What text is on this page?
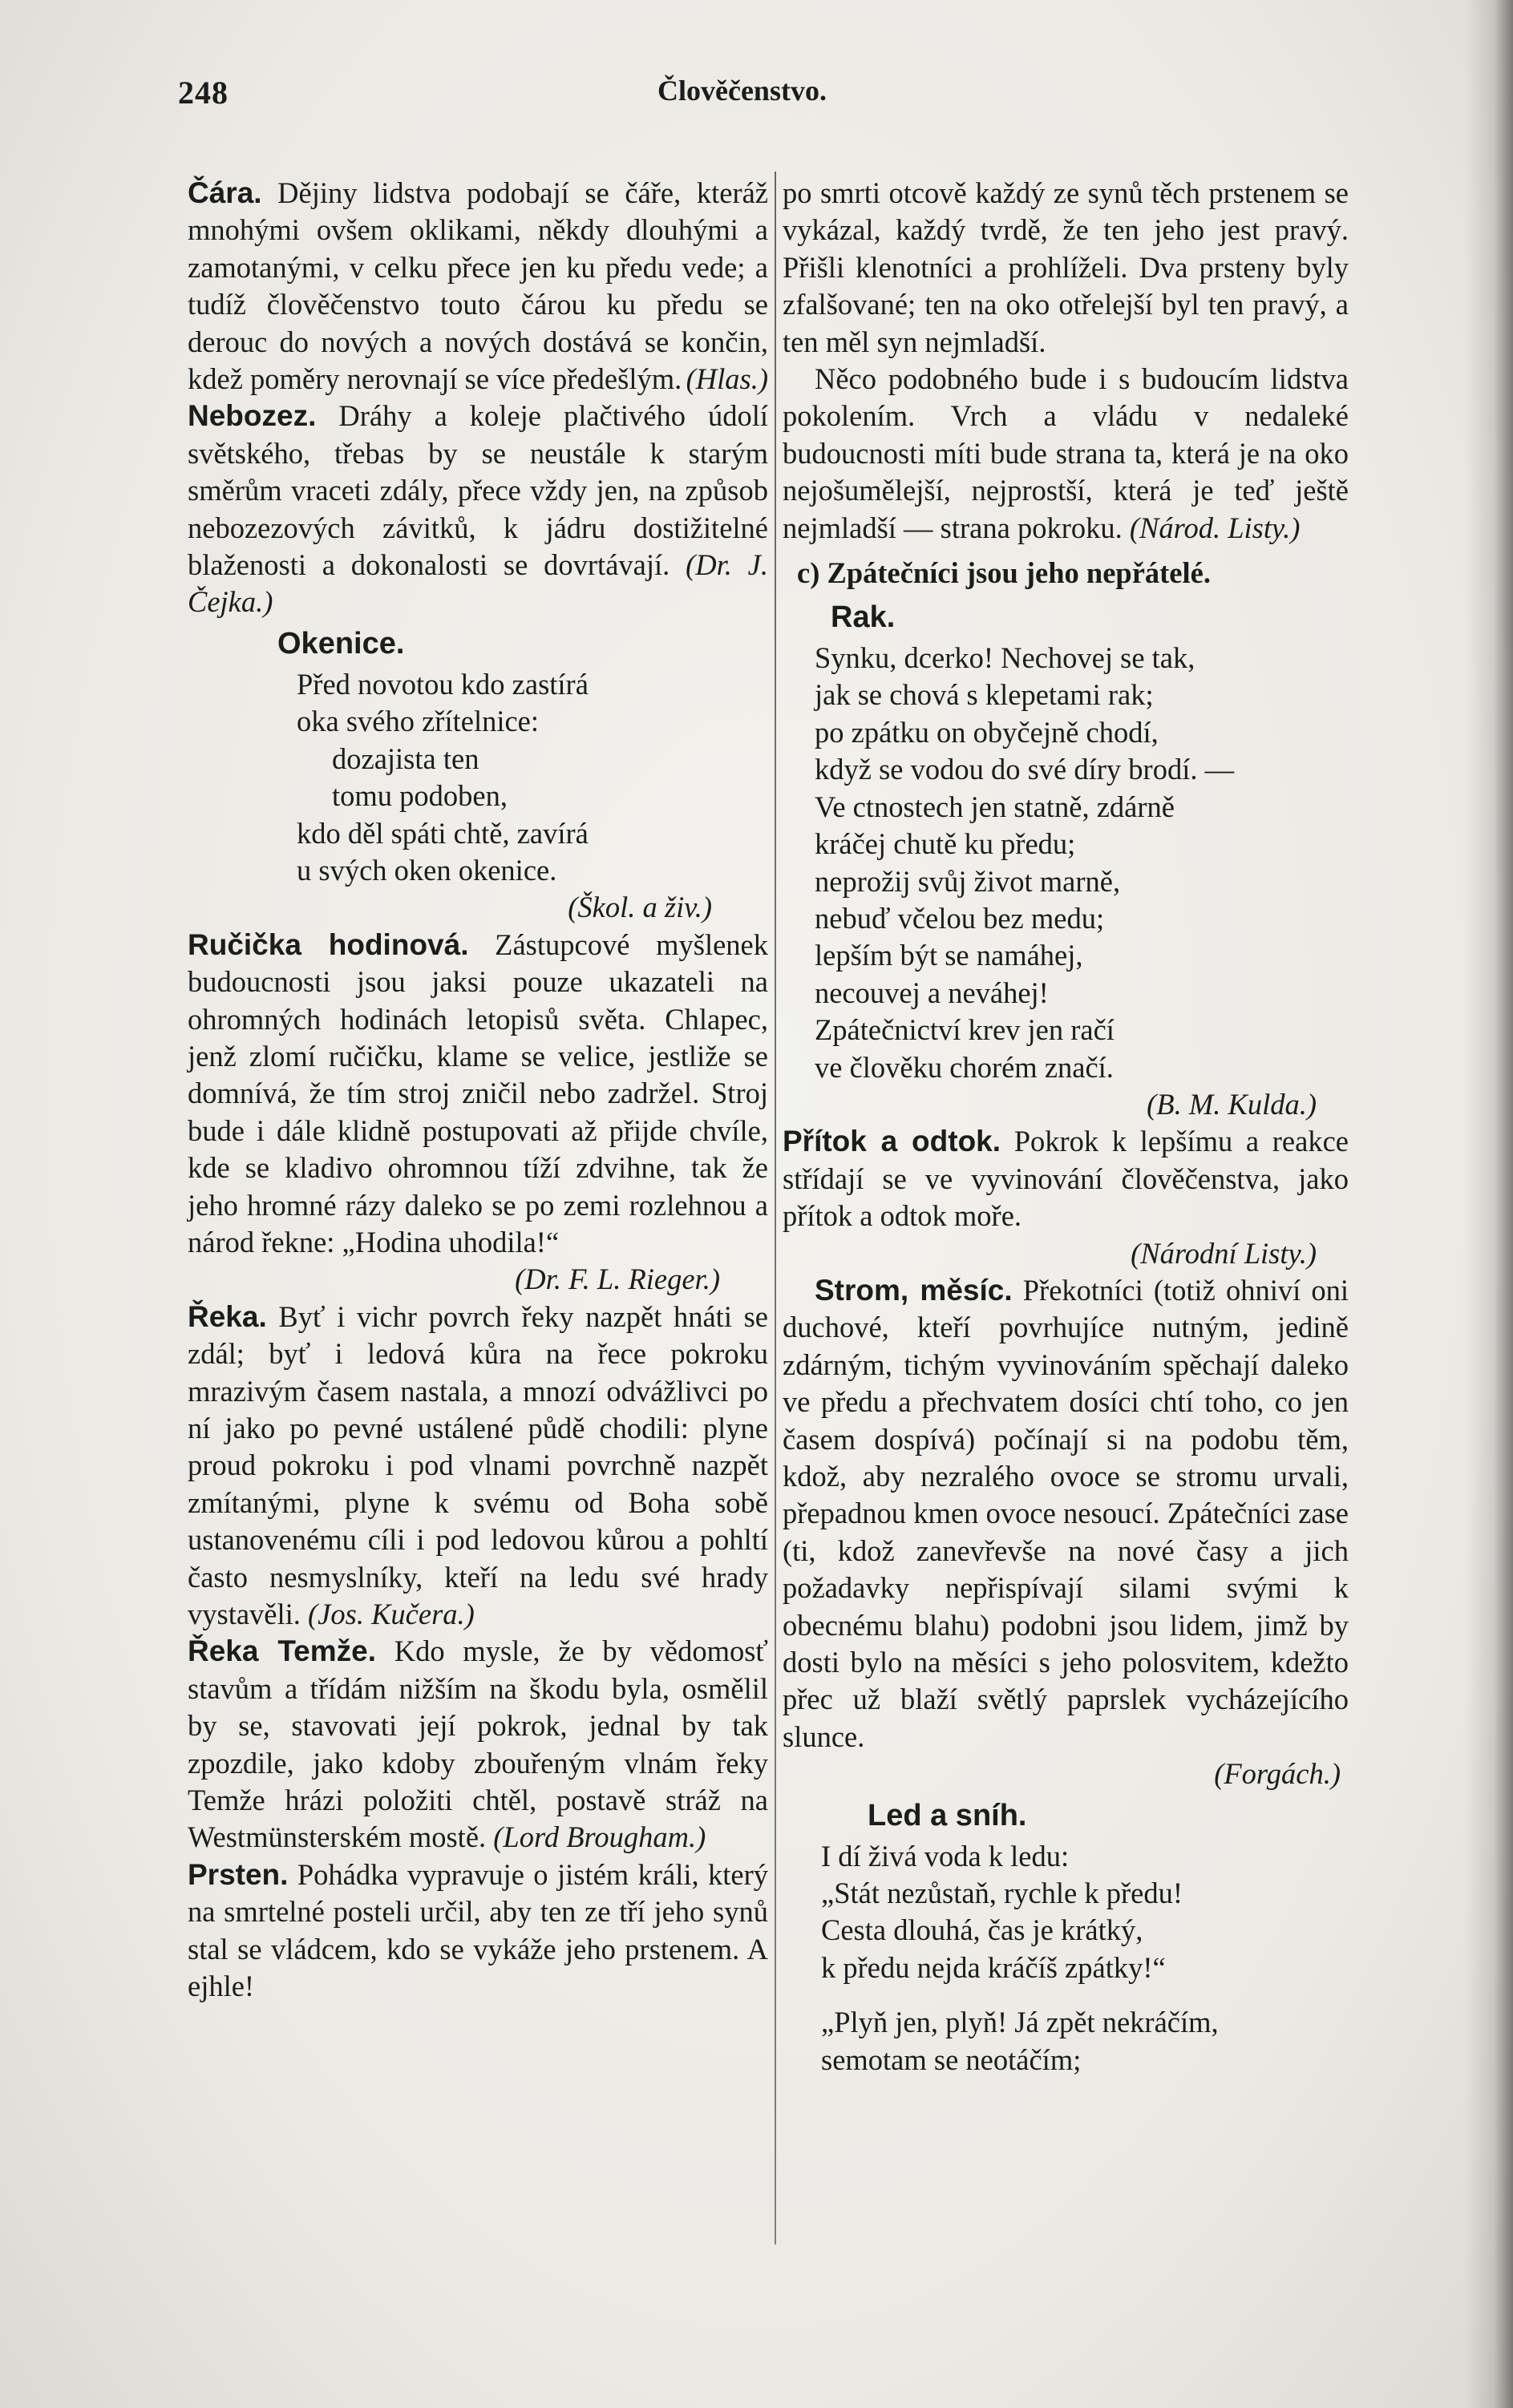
248	Člověčenstvo.

Čára. Dějiny lidstva podobají se čáře, kteráž mnohými ovšem oklikami, někdy dlouhými a zamotanými, v celku přece jen ku předu vede; a tudíž člověčenstvo touto čárou ku předu se derouc do nových a nových dostává se končin, kdež poměry nerovnají se více předešlým. (Hlas.)

Nebozez. Dráhy a koleje plačtivého údolí světského, třebas by se neustále k starým směrům vraceti zdály, přece vždy jen, na způsob nebozezových závitků, k jádru dostižitelné blaženosti a dokonalosti se dovrtávají. (Dr. J. Čejka.)

Okenice.
Před novotou kdo zastírá
oka svého zřítelnice:
dozajista ten
tomu podoben,
kdo děl spáti chtě, zavírá
u svých oken okenice.

(Škol. a živ.)

Ručička hodinová. Zástupcové myšlenek budoucnosti jsou jaksi pouze ukazateli na ohromných hodinách letopisů světa. Chlapec, jenž zlomí ručičku, klame se velice, jestliže se domnívá, že tím stroj zničil nebo zadržel. Stroj bude i dále klidně postupovati až přijde chvíle, kde se kladivo ohromnou tíží zdvihne, tak že jeho hromné rázy daleko se po zemi rozlehnou a národ řekne: „Hodina uhodila!“

(Dr. F. L. Rieger.)

Řeka. Byť i vichr povrch řeky nazpět hnáti se zdál; byť i ledová kůra na řece pokroku mrazivým časem nastala, a mnozí odvážlivci po ní jako po pevné ustálené půdě chodili: plyne proud pokroku i pod vlnami povrchně nazpět zmítanými, plyne k svému od Boha sobě ustanovenému cíli i pod ledovou kůrou a pohltí často nesmyslníky, kteří na ledu své hrady vystavěli. (Jos. Kučera.)

Řeka Temže. Kdo mysle, že by vědomosť stavům a třídám nižším na škodu byla, osmělil by se, stavovati její pokrok, jednal by tak zpozdile, jako kdoby zbouřeným vlnám řeky Temže hrázi položiti chtěl, postavě stráž na Westmünsterském mostě. (Lord Brougham.)

Prsten. Pohádka vypravuje o jistém králi, který na smrtelné posteli určil, aby ten ze tří jeho synů stal se vládcem, kdo se vykáže jeho prstenem. A ejhle!

po smrti otcově každý ze synů těch prstenem se vykázal, každý tvrdě, že ten jeho jest pravý. Přišli klenotníci a prohlíželi. Dva prsteny byly zfalšované; ten na oko otřelejší byl ten pravý, a ten měl syn nejmladší.

Něco podobného bude i s budoucím lidstva pokolením. Vrch a vládu v nedaleké budoucnosti míti bude strana ta, která je na oko nejošumělejší, nejprostší, která je teď ještě nejmladší — strana pokroku. (Národ. Listy.)

c) Zpátečníci jsou jeho nepřátelé.

Rak.
Synku, dcerko! Nechovej se tak,
jak se chová s klepetami rak;
po zpátku on obyčejně chodí,
když se vodou do své díry brodí. —
Ve ctnostech jen statně, zdárně
kráčej chutě ku předu;
neprožij svůj život marně,
nebuď včelou bez medu;
lepším být se namáhej,
necouvej a neváhej!
Zpátečnictví krev jen račí
ve člověku chorém značí.

(B. M. Kulda.)

Přítok a odtok. Pokrok k lepšímu a reakce střídají se ve vyvinování člověčenstva, jako přítok a odtok moře.

(Národní Listy.)

Strom, měsíc. Překotníci (totiž ohniví oni duchové, kteří povrhujíce nutným, jedině zdárným, tichým vyvinováním spěchají daleko ve předu a přechvatem dosíci chtí toho, co jen časem dospívá) počínají si na podobu těm, kdož, aby nezralého ovoce se stromu urvali, přepadnou kmen ovoce nesoucí. Zpátečníci zase (ti, kdož zanevřevše na nové časy a jich požadavky nepřispívají silami svými k obecnému blahu) podobni jsou lidem, jimž by dosti bylo na měsíci s jeho polosvitem, kdežto přec už blaží světlý paprslek vycházejícího slunce.

(Forgách.)

Led a sníh.
I dí živá voda k ledu:
„Stát nezůstaň, rychle k předu!
Cesta dlouhá, čas je krátký,
k předu nejda kráčíš zpátky!“
„Plyň jen, plyň! Já zpět nekráčím,
semotam se neotáčím;
